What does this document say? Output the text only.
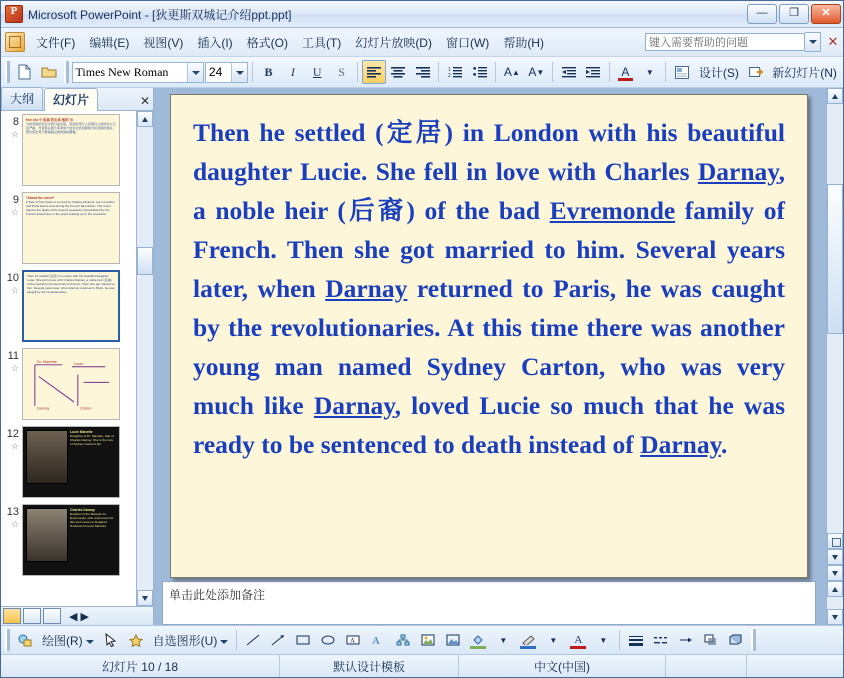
P
Microsoft PowerPoint - [狄更斯双城记介绍ppt.ppt]	—	❐	✕
文件(F)	编辑(E)	视图(V)	插入(I)	格式(O)	工具(T)	幻灯片放映(D)	窗口(W)	帮助(H)	键入需要帮助的问题	✕
Times New Roman	24	B I U S	1
2	A ▲ A ▼	A ▼	设计(S)	新幻灯片(N)
大纲	幻灯片	✕
8
☆
few old 小 故事 的由来 他的 出
当时英国的社会矛盾日益尖锐，统治阶级与人民群众之间的对立日趋严重，作者借法国大革命前夕的社会状况影射当时英国的现实，警告统治者不要重蹈法国贵族的覆辙。
9
☆
*About the novel*
A Tale of Two Cities is a novel by Charles Dickens, set in London and Paris before and during the French Revolution. The novel depicts the plight of the French peasantry demoralized by the French aristocracy in the years leading up to the revolution.
10
☆
Then he settled (定居) in London with his beautiful daughter Lucie. She fell in love with Charles Darnay, a noble heir (后裔) of the bad Evremonde family of French. Then she got married to him. Several years later, when Darnay returned to Paris, he was caught by the revolutionaries.
11
☆
Dr. Manette	Lucie
Darnay	Carton
12
☆
Lucie Manette
Daughter of Dr. Manette, wife of Charles Darnay. She is the love of Sydney Carton's life.
13
☆
Charles Darnay
Nephew of the Marquis St. Evremonde, who renounces his title and moves to England. Husband of Lucie Manette.
◀ ▶
Then he settled (定居) in London with his beautiful daughter Lucie. She fell in love with Charles Darnay, a noble heir (后裔) of the bad Evremonde family of French. Then she got married to him. Several years later, when Darnay returned to Paris, he was caught by the revolutionaries. At this time there was another young man named Sydney Carton, who was very much like Darnay, loved Lucie so much that he was ready to be sentenced to death instead of Darnay.
单击此处添加备注
绘图(R)	自选图形(U)	A A	▼	▼ A ▼
幻灯片 10 / 18	默认设计模板	中文(中国)
